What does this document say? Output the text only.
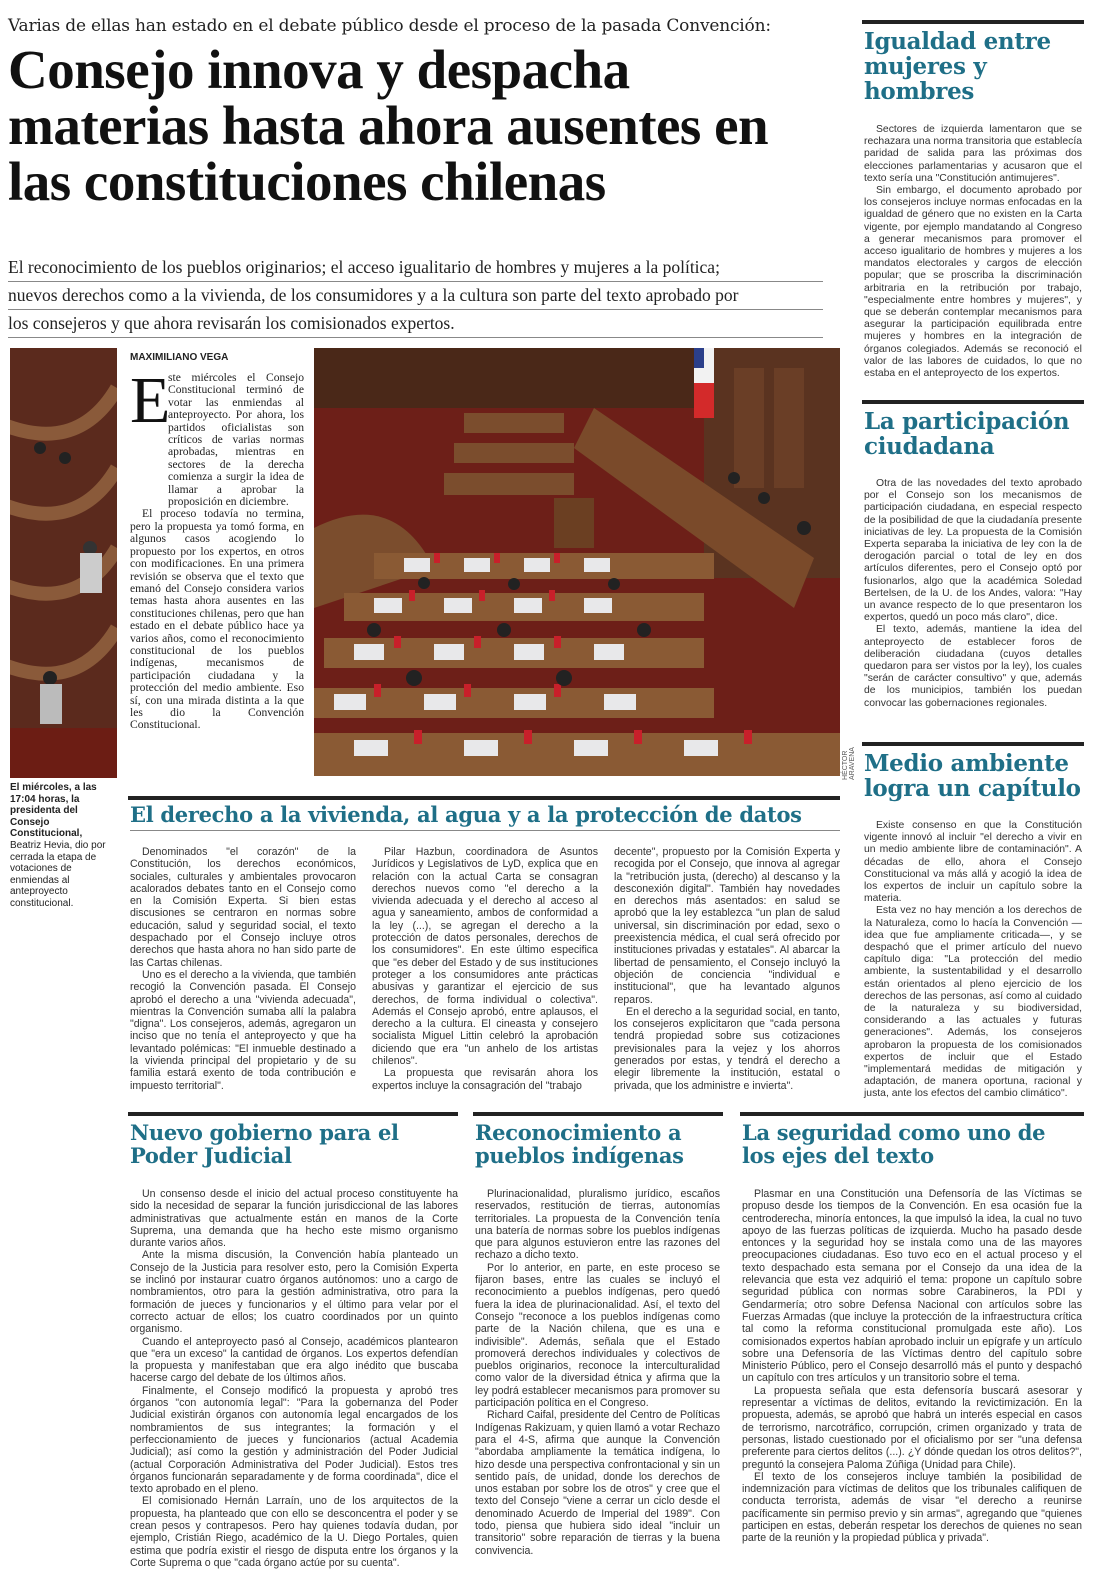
Varias de ellas han estado en el debate público desde el proceso de la pasada Convención:
Consejo innova y despacha materias hasta ahora ausentes en las constituciones chilenas

El reconocimiento de los pueblos originarios; el acceso igualitario de hombres y mujeres a la política;

nuevos derechos como a la vivienda, de los consumidores y a la cultura son parte del texto aprobado por

los consejeros y que ahora revisarán los comisionados expertos.

Igualdad entre mujeres y hombres

Sectores de izquierda lamentaron que se rechazara una norma transitoria que establecía paridad de salida para las próximas dos elecciones parlamentarias y acusaron que el texto sería una "Constitución antimujeres".

Sin embargo, el documento aprobado por los consejeros incluye normas enfocadas en la igualdad de género que no existen en la Carta vigente, por ejemplo mandatando al Congreso a generar mecanismos para promover el acceso igualitario de hombres y mujeres a los mandatos electorales y cargos de elección popular; que se proscriba la discriminación arbitraria en la retribución por trabajo, "especialmente entre hombres y mujeres", y que se deberán contemplar mecanismos para asegurar la participación equilibrada entre mujeres y hombres en la integración de órganos colegiados. Además se reconoció el valor de las labores de cuidados, lo que no estaba en el anteproyecto de los expertos.

La participación ciudadana

Otra de las novedades del texto aprobado por el Consejo son los mecanismos de participación ciudadana, en especial respecto de la posibilidad de que la ciudadanía presente iniciativas de ley. La propuesta de la Comisión Experta separaba la iniciativa de ley con la de derogación parcial o total de ley en dos artículos diferentes, pero el Consejo optó por fusionarlos, algo que la académica Soledad Bertelsen, de la U. de los Andes, valora: "Hay un avance respecto de lo que presentaron los expertos, quedó un poco más claro", dice.

El texto, además, mantiene la idea del anteproyecto de establecer foros de deliberación ciudadana (cuyos detalles quedaron para ser vistos por la ley), los cuales "serán de carácter consultivo" y que, además de los municipios, también los puedan convocar las gobernaciones regionales.

Medio ambiente logra un capítulo

Existe consenso en que la Constitución vigente innovó al incluir "el derecho a vivir en un medio ambiente libre de contaminación". A décadas de ello, ahora el Consejo Constitucional va más allá y acogió la idea de los expertos de incluir un capítulo sobre la materia.

Esta vez no hay mención a los derechos de la Naturaleza, como lo hacía la Convención —idea que fue ampliamente criticada—, y se despachó que el primer artículo del nuevo capítulo diga: "La protección del medio ambiente, la sustentabilidad y el desarrollo están orientados al pleno ejercicio de los derechos de las personas, así como al cuidado de la naturaleza y su biodiversidad, considerando a las actuales y futuras generaciones". Además, los consejeros aprobaron la propuesta de los comisionados expertos de incluir que el Estado "implementará medidas de mitigación y adaptación, de manera oportuna, racional y justa, ante los efectos del cambio climático".

MAXIMILIANO VEGA
E
ste miércoles el Consejo Constitucional terminó de votar las enmiendas al anteproyecto. Por ahora, los partidos oficialistas son críticos de varias normas aprobadas, mientras en sectores de la derecha comienza a surgir la idea de llamar a aprobar la proposición en diciembre.

El proceso todavía no termina, pero la propuesta ya tomó forma, en algunos casos acogiendo lo propuesto por los expertos, en otros con modificaciones. En una primera revisión se observa que el texto que emanó del Consejo considera varios temas hasta ahora ausentes en las constituciones chilenas, pero que han estado en el debate público hace ya varios años, como el reconocimiento constitucional de los pueblos indígenas, mecanismos de participación ciudadana y la protección del medio ambiente. Eso sí, con una mirada distinta a la que les dio la Convención Constitucional.

HÉCTOR ARAVENA
El miércoles, a las 17:04 horas, la presidenta del Consejo Constitucional, Beatriz Hevia, dio por cerrada la etapa de votaciones de enmiendas al anteproyecto constitucional.
El derecho a la vivienda, al agua y a la protección de datos

Denominados "el corazón" de la Constitución, los derechos económicos, sociales, culturales y ambientales provocaron acalorados debates tanto en el Consejo como en la Comisión Experta. Si bien estas discusiones se centraron en normas sobre educación, salud y seguridad social, el texto despachado por el Consejo incluye otros derechos que hasta ahora no han sido parte de las Cartas chilenas.

Uno es el derecho a la vivienda, que también recogió la Convención pasada. El Consejo aprobó el derecho a una "vivienda adecuada", mientras la Convención sumaba allí la palabra "digna". Los consejeros, además, agregaron un inciso que no tenía el anteproyecto y que ha levantado polémicas: "El inmueble destinado a la vivienda principal del propietario y de su familia estará exento de toda contribución e impuesto territorial".

Pilar Hazbun, coordinadora de Asuntos Jurídicos y Legislativos de LyD, explica que en relación con la actual Carta se consagran derechos nuevos como "el derecho a la vivienda adecuada y el derecho al acceso al agua y saneamiento, ambos de conformidad a la ley (...), se agregan el derecho a la protección de datos personales, derechos de los consumidores". En este último especifica que "es deber del Estado y de sus instituciones proteger a los consumidores ante prácticas abusivas y garantizar el ejercicio de sus derechos, de forma individual o colectiva". Además el Consejo aprobó, entre aplausos, el derecho a la cultura. El cineasta y consejero socialista Miguel Littin celebró la aprobación diciendo que era "un anhelo de los artistas chilenos".

La propuesta que revisarán ahora los expertos incluye la consagración del "trabajo

decente", propuesto por la Comisión Experta y recogida por el Consejo, que innova al agregar la "retribución justa, (derecho) al descanso y la desconexión digital". También hay novedades en derechos más asentados: en salud se aprobó que la ley establezca "un plan de salud universal, sin discriminación por edad, sexo o preexistencia médica, el cual será ofrecido por instituciones privadas y estatales". Al abarcar la libertad de pensamiento, el Consejo incluyó la objeción de conciencia "individual e institucional", que ha levantado algunos reparos.

En el derecho a la seguridad social, en tanto, los consejeros explicitaron que "cada persona tendrá propiedad sobre sus cotizaciones previsionales para la vejez y los ahorros generados por estas, y tendrá el derecho a elegir libremente la institución, estatal o privada, que los administre e invierta".

Nuevo gobierno para el Poder Judicial

Un consenso desde el inicio del actual proceso constituyente ha sido la necesidad de separar la función jurisdiccional de las labores administrativas que actualmente están en manos de la Corte Suprema, una demanda que ha hecho este mismo organismo durante varios años.

Ante la misma discusión, la Convención había planteado un Consejo de la Justicia para resolver esto, pero la Comisión Experta se inclinó por instaurar cuatro órganos autónomos: uno a cargo de nombramientos, otro para la gestión administrativa, otro para la formación de jueces y funcionarios y el último para velar por el correcto actuar de ellos; los cuatro coordinados por un quinto organismo.

Cuando el anteproyecto pasó al Consejo, académicos plantearon que "era un exceso" la cantidad de órganos. Los expertos defendían la propuesta y manifestaban que era algo inédito que buscaba hacerse cargo del debate de los últimos años.

Finalmente, el Consejo modificó la propuesta y aprobó tres órganos "con autonomía legal": "Para la gobernanza del Poder Judicial existirán órganos con autonomía legal encargados de los nombramientos de sus integrantes; la formación y el perfeccionamiento de jueces y funcionarios (actual Academia Judicial); así como la gestión y administración del Poder Judicial (actual Corporación Administrativa del Poder Judicial). Estos tres órganos funcionarán separadamente y de forma coordinada", dice el texto aprobado en el pleno.

El comisionado Hernán Larraín, uno de los arquitectos de la propuesta, ha planteado que con ello se desconcentra el poder y se crean pesos y contrapesos. Pero hay quienes todavía dudan, por ejemplo, Cristián Riego, académico de la U. Diego Portales, quien estima que podría existir el riesgo de disputa entre los órganos y la Corte Suprema o que "cada órgano actúe por su cuenta".

Reconocimiento a pueblos indígenas

Plurinacionalidad, pluralismo jurídico, escaños reservados, restitución de tierras, autonomías territoriales. La propuesta de la Convención tenía una batería de normas sobre los pueblos indígenas que para algunos estuvieron entre las razones del rechazo a dicho texto.

Por lo anterior, en parte, en este proceso se fijaron bases, entre las cuales se incluyó el reconocimiento a pueblos indígenas, pero quedó fuera la idea de plurinacionalidad. Así, el texto del Consejo "reconoce a los pueblos indígenas como parte de la Nación chilena, que es una e indivisible". Además, señala que el Estado promoverá derechos individuales y colectivos de pueblos originarios, reconoce la interculturalidad como valor de la diversidad étnica y afirma que la ley podrá establecer mecanismos para promover su participación política en el Congreso.

Richard Caifal, presidente del Centro de Políticas Indígenas Rakizuam, y quien llamó a votar Rechazo para el 4-S, afirma que aunque la Convención "abordaba ampliamente la temática indígena, lo hizo desde una perspectiva confrontacional y sin un sentido país, de unidad, donde los derechos de unos estaban por sobre los de otros" y cree que el texto del Consejo "viene a cerrar un ciclo desde el denominado Acuerdo de Imperial del 1989". Con todo, piensa que hubiera sido ideal "incluir un transitorio" sobre reparación de tierras y la buena convivencia.

La seguridad como uno de los ejes del texto

Plasmar en una Constitución una Defensoría de las Víctimas se propuso desde los tiempos de la Convención. En esa ocasión fue la centroderecha, minoría entonces, la que impulsó la idea, la cual no tuvo apoyo de las fuerzas políticas de izquierda. Mucho ha pasado desde entonces y la seguridad hoy se instala como una de las mayores preocupaciones ciudadanas. Eso tuvo eco en el actual proceso y el texto despachado esta semana por el Consejo da una idea de la relevancia que esta vez adquirió el tema: propone un capítulo sobre seguridad pública con normas sobre Carabineros, la PDI y Gendarmería; otro sobre Defensa Nacional con artículos sobre las Fuerzas Armadas (que incluye la protección de la infraestructura crítica tal como la reforma constitucional promulgada este año). Los comisionados expertos habían aprobado incluir un epígrafe y un artículo sobre una Defensoría de las Víctimas dentro del capítulo sobre Ministerio Público, pero el Consejo desarrolló más el punto y despachó un capítulo con tres artículos y un transitorio sobre el tema.

La propuesta señala que esta defensoría buscará asesorar y representar a víctimas de delitos, evitando la revictimización. En la propuesta, además, se aprobó que habrá un interés especial en casos de terrorismo, narcotráfico, corrupción, crimen organizado y trata de personas, listado cuestionado por el oficialismo por ser "una defensa preferente para ciertos delitos (...). ¿Y dónde quedan los otros delitos?", preguntó la consejera Paloma Zúñiga (Unidad para Chile).

El texto de los consejeros incluye también la posibilidad de indemnización para víctimas de delitos que los tribunales califiquen de conducta terrorista, además de visar "el derecho a reunirse pacíficamente sin permiso previo y sin armas", agregando que "quienes participen en estas, deberán respetar los derechos de quienes no sean parte de la reunión y la propiedad pública y privada".
